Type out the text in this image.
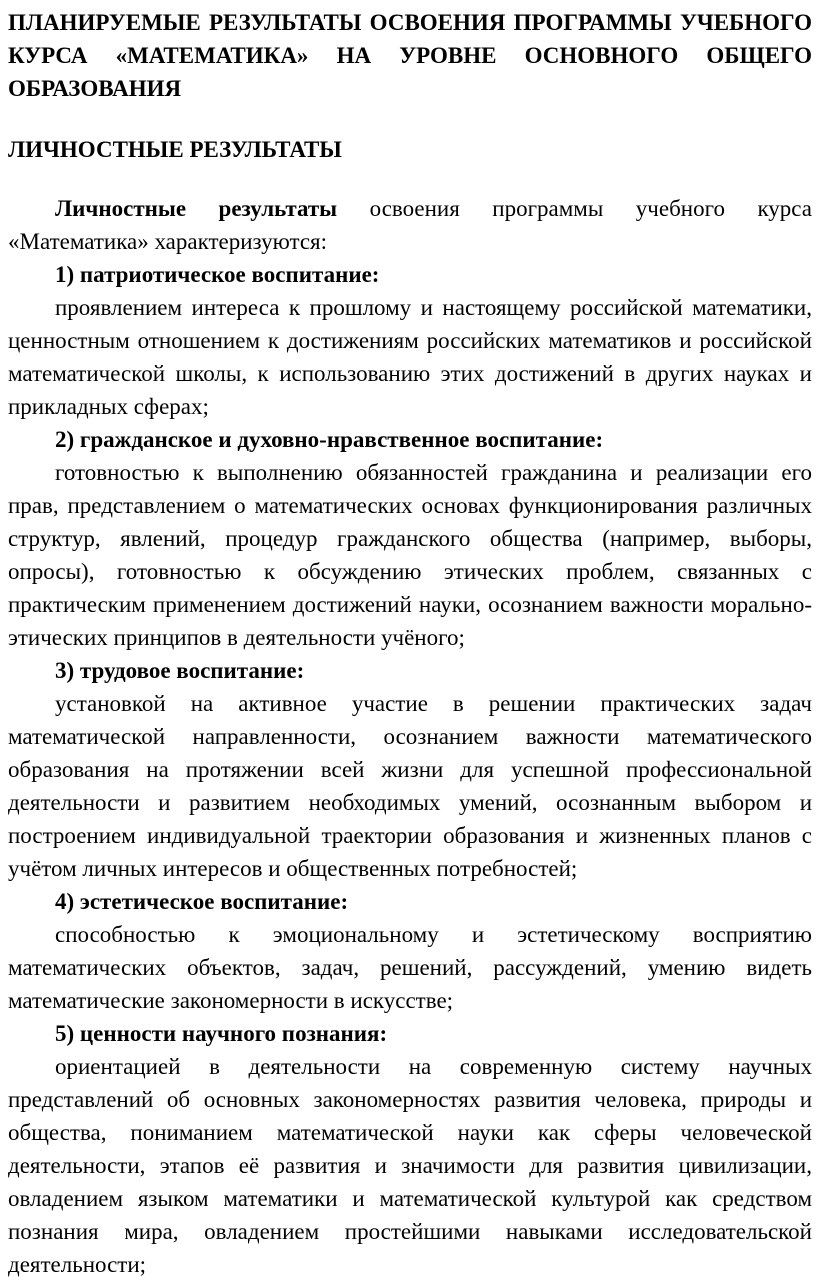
ПЛАНИРУЕМЫЕ РЕЗУЛЬТАТЫ ОСВОЕНИЯ ПРОГРАММЫ УЧЕБНОГО КУРСА «МАТЕМАТИКА» НА УРОВНЕ ОСНОВНОГО ОБЩЕГО ОБРАЗОВАНИЯ
ЛИЧНОСТНЫЕ РЕЗУЛЬТАТЫ

Личностные результаты освоения программы учебного курса «Математика» характеризуются:

1) патриотическое воспитание:

проявлением интереса к прошлому и настоящему российской математики, ценностным отношением к достижениям российских математиков и российской математической школы, к использованию этих достижений в других науках и прикладных сферах;

2) гражданское и духовно-нравственное воспитание:

готовностью к выполнению обязанностей гражданина и реализации его прав, представлением о математических основах функционирования различных структур, явлений, процедур гражданского общества (например, выборы, опросы), готовностью к обсуждению этических проблем, связанных с практическим применением достижений науки, осознанием важности морально-этических принципов в деятельности учёного;

3) трудовое воспитание:

установкой на активное участие в решении практических задач математической направленности, осознанием важности математического образования на протяжении всей жизни для успешной профессиональной деятельности и развитием необходимых умений, осознанным выбором и построением индивидуальной траектории образования и жизненных планов с учётом личных интересов и общественных потребностей;

4) эстетическое воспитание:

способностью к эмоциональному и эстетическому восприятию математических объектов, задач, решений, рассуждений, умению видеть математические закономерности в искусстве;

5) ценности научного познания:

ориентацией в деятельности на современную систему научных представлений об основных закономерностях развития человека, природы и общества, пониманием математической науки как сферы человеческой деятельности, этапов её развития и значимости для развития цивилизации, овладением языком математики и математической культурой как средством познания мира, овладением простейшими навыками исследовательской деятельности;
